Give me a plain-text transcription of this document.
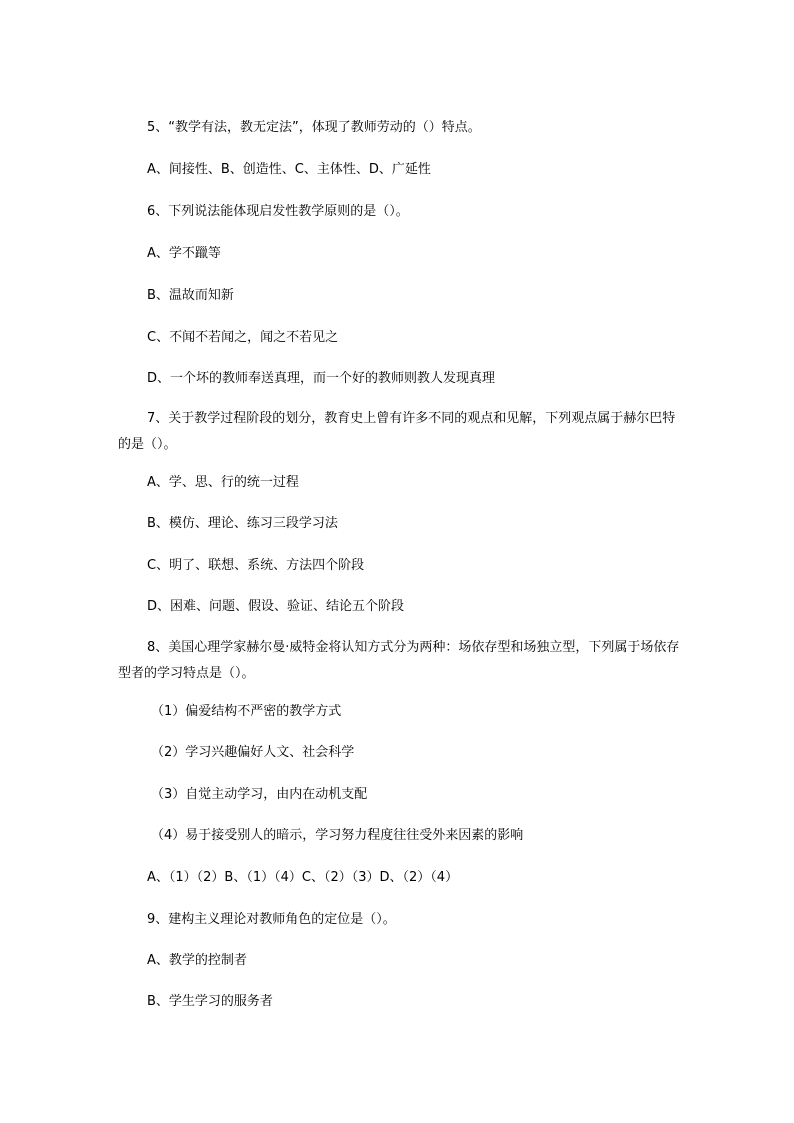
5、“教学有法，教无定法”，体现了教师劳动的（）特点。
A、间接性、B、创造性、C、主体性、D、广延性
6、下列说法能体现启发性教学原则的是（）。
A、学不躐等
B、温故而知新
C、不闻不若闻之，闻之不若见之
D、一个坏的教师奉送真理，而一个好的教师则教人发现真理
7、关于教学过程阶段的划分，教育史上曾有许多不同的观点和见解，下列观点属于赫尔巴特的是（）。
A、学、思、行的统一过程
B、模仿、理论、练习三段学习法
C、明了、联想、系统、方法四个阶段
D、困难、问题、假设、验证、结论五个阶段
8、美国心理学家赫尔曼·威特金将认知方式分为两种：场依存型和场独立型，下列属于场依存型者的学习特点是（）。
（1）偏爱结构不严密的教学方式
（2）学习兴趣偏好人文、社会科学
（3）自觉主动学习，由内在动机支配
（4）易于接受别人的暗示，学习努力程度往往受外来因素的影响
A、（1）（2）B、（1）（4）C、（2）（3）D、（2）（4）
9、建构主义理论对教师角色的定位是（）。
A、教学的控制者
B、学生学习的服务者
